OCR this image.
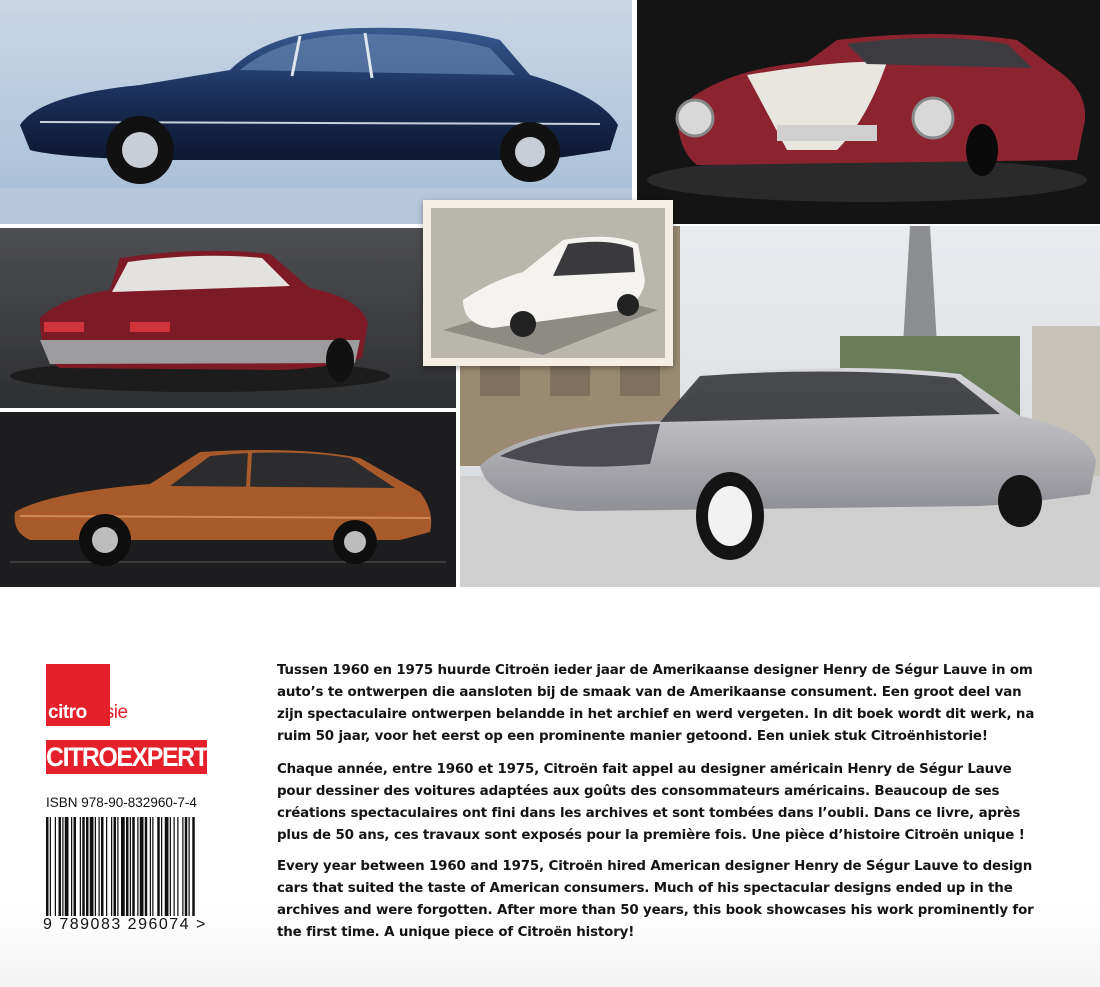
citro visie
CITROEXPERT
ISBN 978-90-832960-7-4
9 789083 296074 >

Tussen 1960 en 1975 huurde Citroën ieder jaar de Amerikaanse designer Henry de Ségur Lauve in om auto’s te ontwerpen die aansloten bij de smaak van de Amerikaanse consument. Een groot deel van zijn spectaculaire ontwerpen belandde in het archief en werd vergeten. In dit boek wordt dit werk, na ruim 50 jaar, voor het eerst op een prominente manier getoond. Een uniek stuk Citroënhistorie!

Chaque année, entre 1960 et 1975, Citroën fait appel au designer américain Henry de Ségur Lauve pour dessiner des voitures adaptées aux goûts des consommateurs américains. Beaucoup de ses créations spectaculaires ont fini dans les archives et sont tombées dans l’oubli. Dans ce livre, après plus de 50 ans, ces travaux sont exposés pour la première fois. Une pièce d’histoire Citroën unique !

Every year between 1960 and 1975, Citroën hired American designer Henry de Ségur Lauve to design cars that suited the taste of American consumers. Much of his spectacular designs ended up in the archives and were forgotten. After more than 50 years, this book showcases his work prominently for the first time. A unique piece of Citroën history!
